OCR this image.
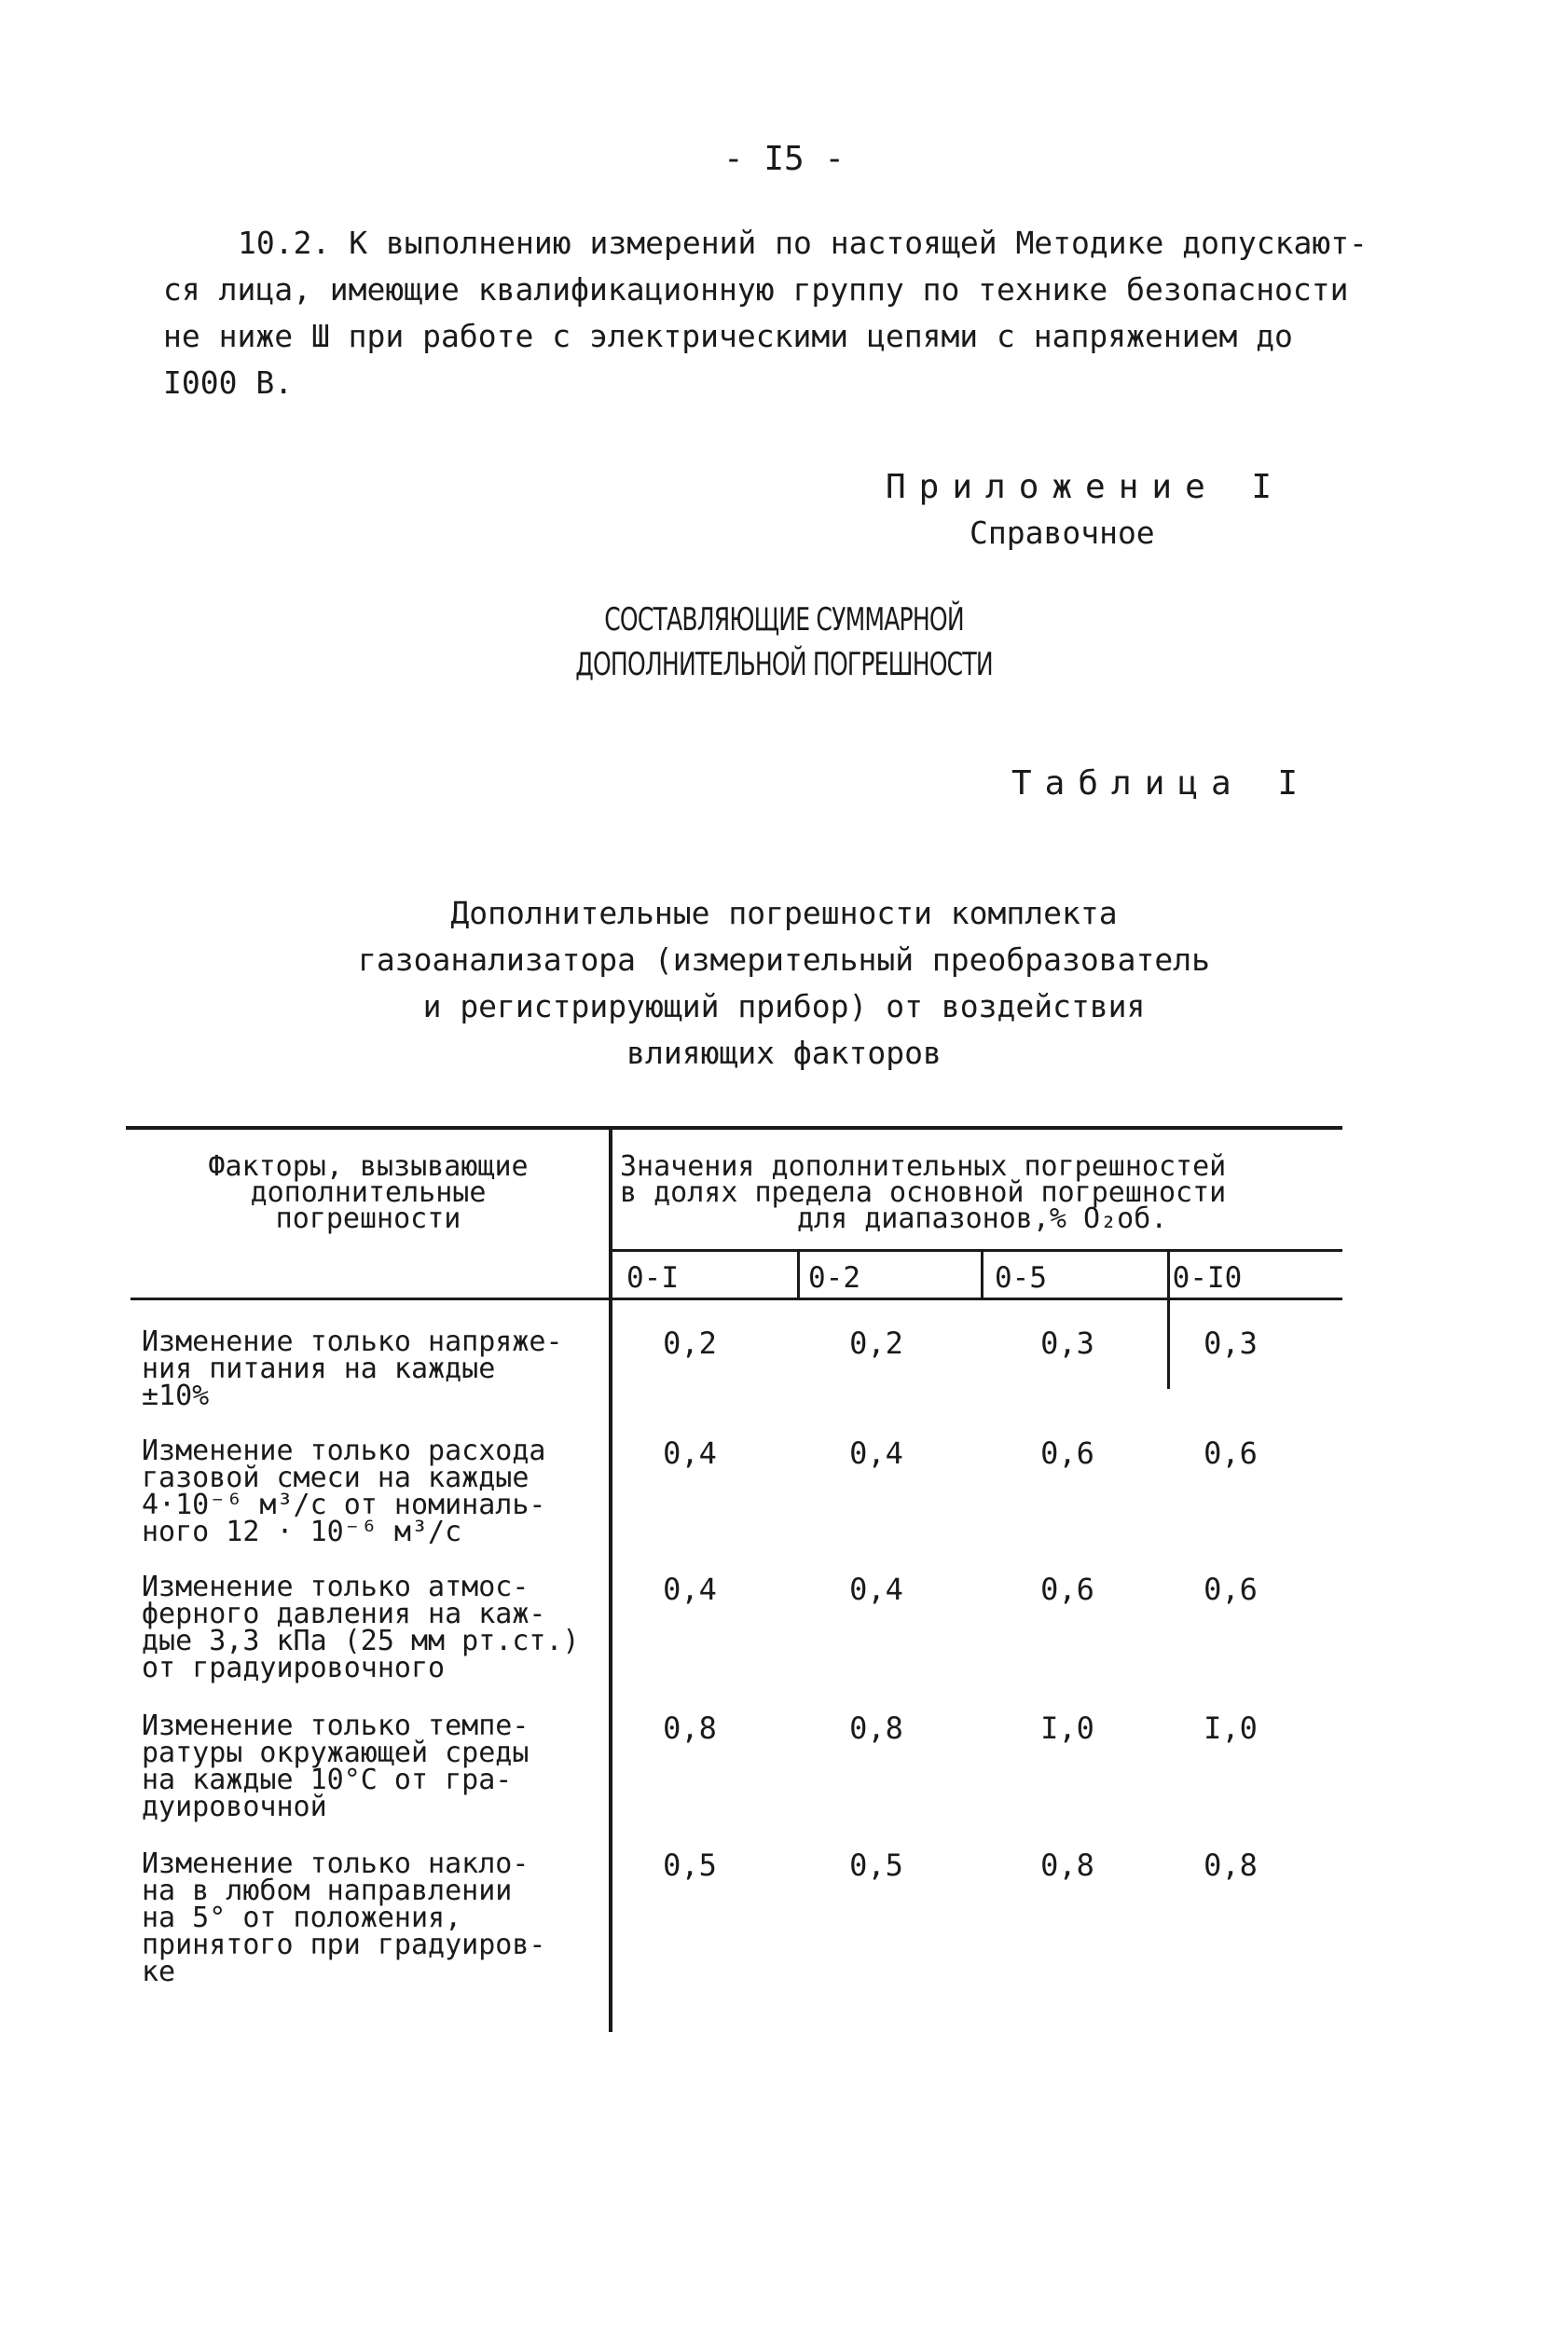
- I5 -
10.2. К выполнению измерений по настоящей Методике допускают-
ся лица, имеющие квалификационную группу по технике безопасности
не ниже Ш при работе с электрическими цепями с напряжением до
I000 В.
Приложение I
Справочное
СОСТАВЛЯЮЩИЕ СУММАРНОЙ
ДОПОЛНИТЕЛЬНОЙ ПОГРЕШНОСТИ
Таблица I
Дополнительные погрешности комплекта
газоанализатора (измерительный преобразователь
и регистрирующий прибор) от воздействия
влияющих факторов
Факторы, вызывающие
дополнительные
погрешности
Значения дополнительных погрешностей
в долях предела основной погрешности
для диапазонов,% O₂об.
0-I	0-2	0-5	0-I0
Изменение только напряже-
ния питания на каждые
±10%
0,2	0,2	0,3	0,3
Изменение только расхода
газовой смеси на каждые
4·10⁻⁶ м³/с от номиналь-
ного 12 · 10⁻⁶ м³/с
0,4	0,4	0,6	0,6
Изменение только атмос-
ферного давления на каж-
дые 3,3 кПа (25 мм рт.ст.)
от градуировочного
0,4	0,4	0,6	0,6
Изменение только темпе-
ратуры окружающей среды
на каждые 10°С от гра-
дуировочной
0,8	0,8	I,0	I,0
Изменение только накло-
на в любом направлении
на 5° от положения,
принятого при градуиров-
ке
0,5	0,5	0,8	0,8
